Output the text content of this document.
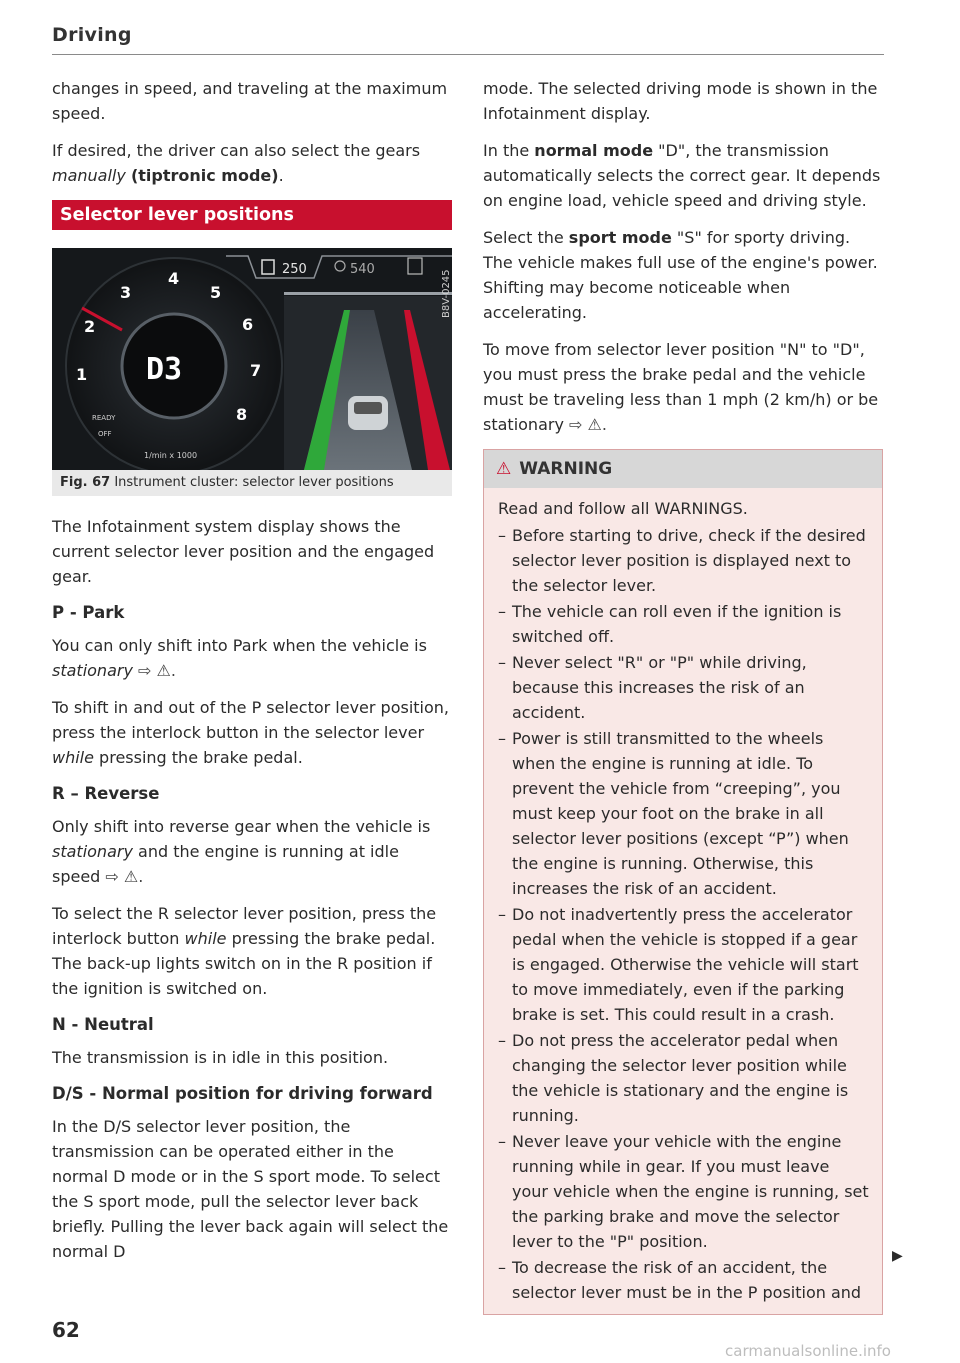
Driving

changes in speed, and traveling at the maximum speed.

If desired, the driver can also select the gears manually (tiptronic mode).

Selector lever positions
250	540	B8V-0245
1
2
3
4
5
6
7
8
D3
READY
OFF
1/min x 1000
Fig. 67 Instrument cluster: selector lever positions

The Infotainment system display shows the current selector lever position and the engaged gear.

P - Park

You can only shift into Park when the vehicle is stationary ⇨ ⚠.

To shift in and out of the P selector lever position, press the interlock button in the selector lever while pressing the brake pedal.

R – Reverse

Only shift into reverse gear when the vehicle is stationary and the engine is running at idle speed ⇨ ⚠.

To select the R selector lever position, press the interlock button while pressing the brake pedal. The back-up lights switch on in the R position if the ignition is switched on.

N - Neutral

The transmission is in idle in this position.

D/S - Normal position for driving forward

In the D/S selector lever position, the transmission can be operated either in the normal D mode or in the S sport mode. To select the S sport mode, pull the selector lever back briefly. Pulling the lever back again will select the normal D

mode. The selected driving mode is shown in the Infotainment display.

In the normal mode "D", the transmission automatically selects the correct gear. It depends on engine load, vehicle speed and driving style.

Select the sport mode "S" for sporty driving. The vehicle makes full use of the engine's power. Shifting may become noticeable when accelerating.

To move from selector lever position "N" to "D", you must press the brake pedal and the vehicle must be traveling less than 1 mph (2 km/h) or be stationary ⇨ ⚠.

⚠ WARNING

Read and follow all WARNINGS.

– Before starting to drive, check if the desired selector lever position is displayed next to the selector lever.
– The vehicle can roll even if the ignition is switched off.
– Never select "R" or "P" while driving, because this increases the risk of an accident.
– Power is still transmitted to the wheels when the engine is running at idle. To prevent the vehicle from “creeping”, you must keep your foot on the brake in all selector lever positions (except “P”) when the engine is running. Otherwise, this increases the risk of an accident.
– Do not inadvertently press the accelerator pedal when the vehicle is stopped if a gear is engaged. Otherwise the vehicle will start to move immediately, even if the parking brake is set. This could result in a crash.
– Do not press the accelerator pedal when changing the selector lever position while the vehicle is stationary and the engine is running.
– Never leave your vehicle with the engine running while in gear. If you must leave your vehicle when the engine is running, set the parking brake and move the selector lever to the "P" position.
– To decrease the risk of an accident, the selector lever must be in the P position and
▶
62
carmanualsonline.info
